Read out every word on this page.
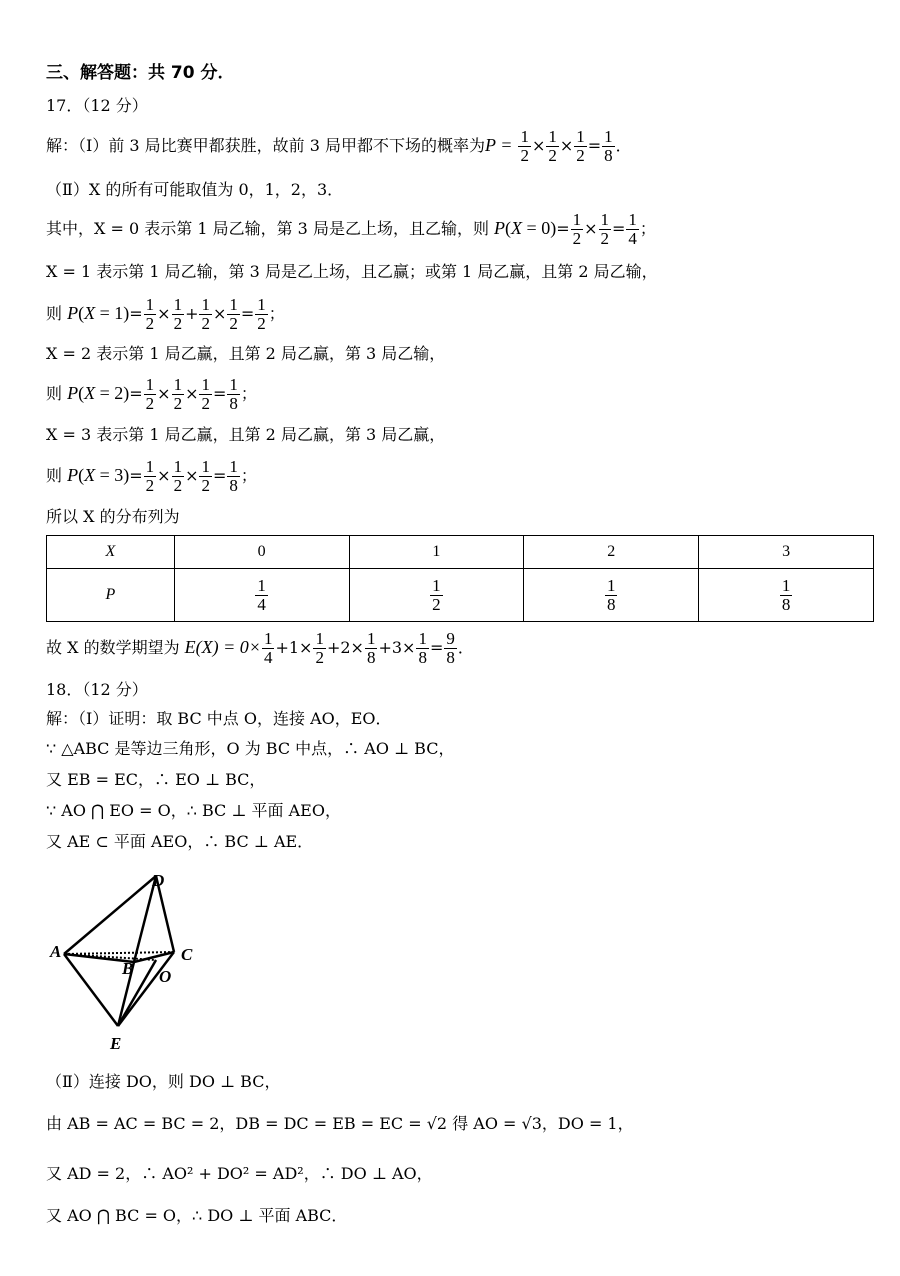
三、解答题：共 70 分．
17．（12 分）
解：（Ⅰ）前 3 局比赛甲都获胜，故前 3 局甲都不下场的概率为$P = \frac{1}{2} \times \frac{1}{2} \times \frac{1}{2} = \frac{1}{8}$ ．
（Ⅱ）X 的所有可能取值为 0，1，2，3．
其中，X = 0 表示第 1 局乙输，第 3 局是乙上场，且乙输，则 $P(X = 0)= \frac{1}{2} \times \frac{1}{2} = \frac{1}{4}$ ；
X = 1 表示第 1 局乙输，第 3 局是乙上场，且乙赢；或第 1 局乙赢，且第 2 局乙输，
则 $P(X = 1)= \frac{1}{2} \times \frac{1}{2} + \frac{1}{2} \times \frac{1}{2} = \frac{1}{2}$ ；
X = 2 表示第 1 局乙赢，且第 2 局乙赢，第 3 局乙输，
则 $P(X = 2)= \frac{1}{2} \times \frac{1}{2} \times \frac{1}{2} = \frac{1}{8}$ ；
X = 3 表示第 1 局乙赢，且第 2 局乙赢，第 3 局乙赢，
则 $P(X = 3)= \frac{1}{2} \times \frac{1}{2} \times \frac{1}{2} = \frac{1}{8}$ ；
所以 X 的分布列为
X	0	1	2	3
P	$\frac{1}{4}$	$\frac{1}{2}$	$\frac{1}{8}$	$\frac{1}{8}$
故 X 的数学期望为 $E(X) = 0\times \frac{1}{4} +1\times \frac{1}{2} +2\times \frac{1}{8} +3\times \frac{1}{8} = \frac{9}{8}$ ．
18．（12 分）
解：（Ⅰ）证明：取 BC 中点 O，连接 AO，EO．
∵ △ABC 是等边三角形，O 为 BC 中点，∴ AO ⊥ BC，
又 EB = EC，∴ EO ⊥ BC，
∵ AO ⋂ EO = O，∴ BC ⊥ 平面 AEO，
又 AE ⊂ 平面 AEO，∴ BC ⊥ AE．
D
A
B O
C
E
（Ⅱ）连接 DO，则 DO ⊥ BC，
由 AB = AC = BC = 2，DB = DC = EB = EC = √2 得 AO = √3，DO = 1，
又 AD = 2，∴ AO² + DO² = AD²，∴ DO ⊥ AO，
又 AO ⋂ BC = O，∴ DO ⊥ 平面 ABC．
